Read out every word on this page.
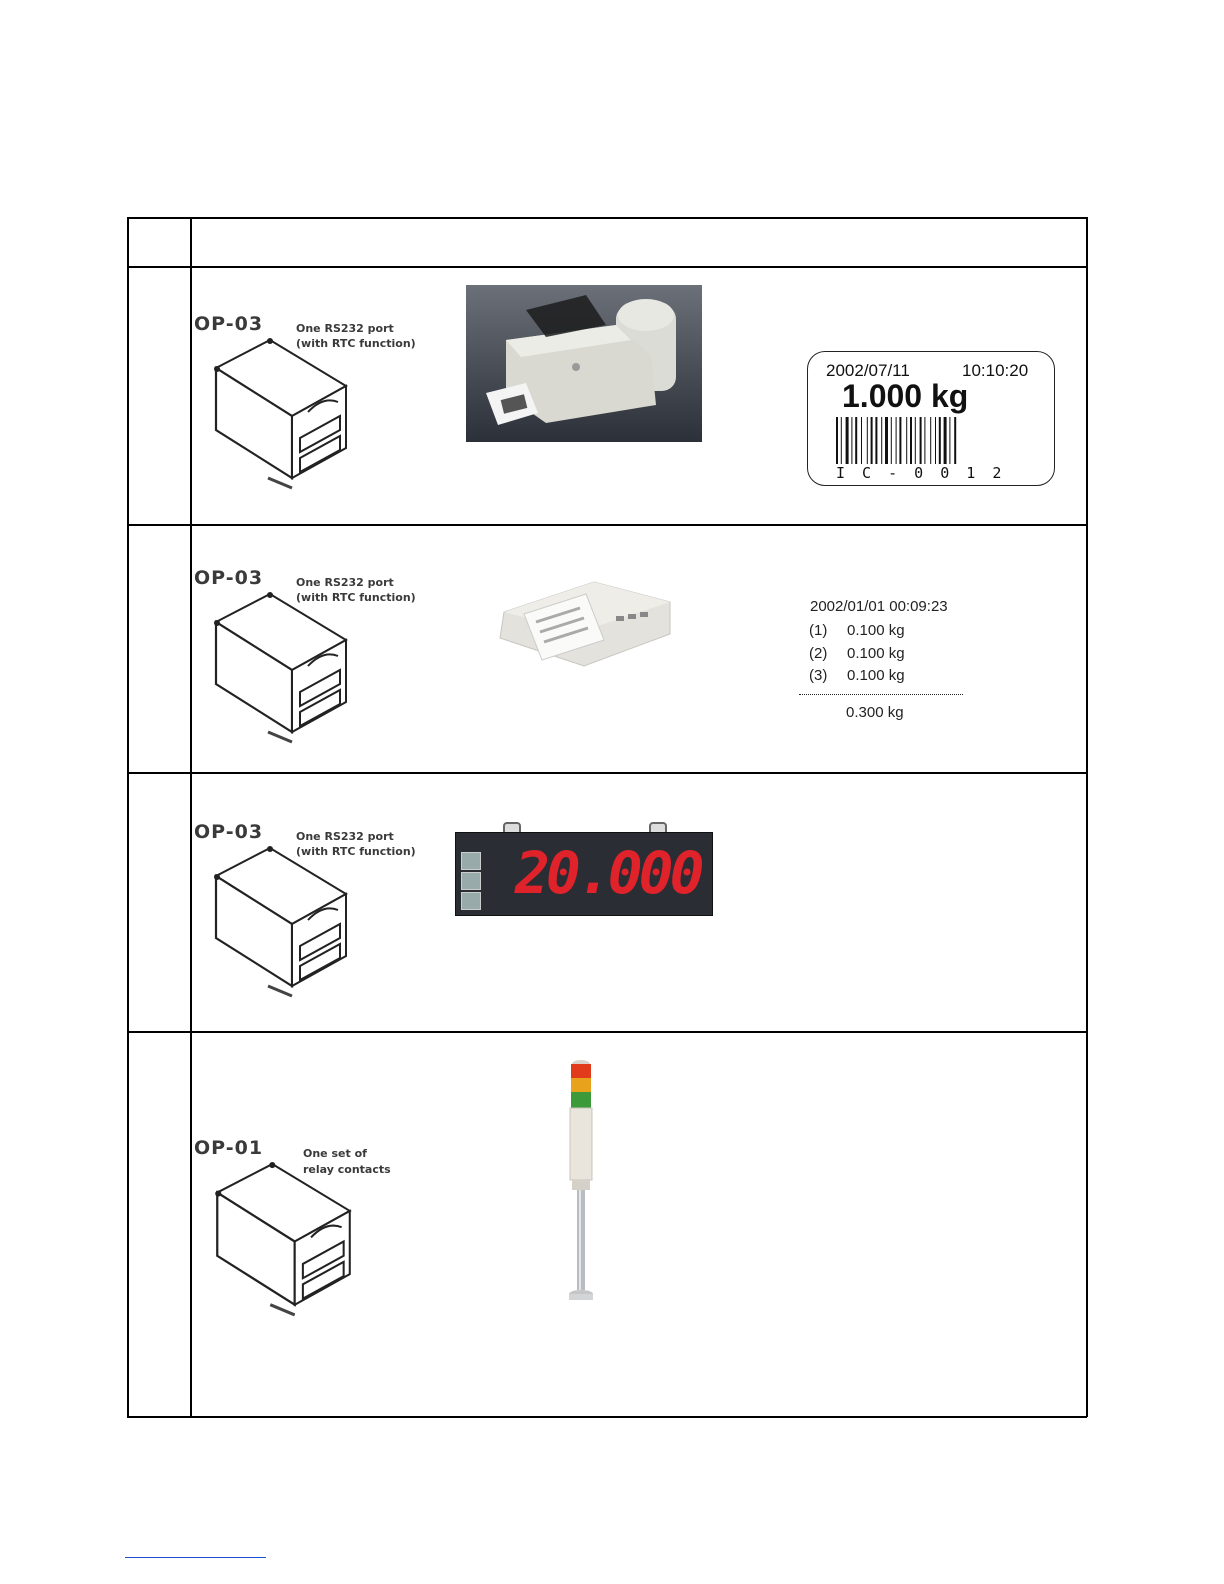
OP-03	One RS232 port
(with RTC function)
2002/07/11	10:10:20
1.000 kg
I C - 0 0 1 2
OP-03	One RS232 port
(with RTC function)
2002/01/01 00:09:23
(1) 0.100 kg
(2) 0.100 kg
(3) 0.100 kg
0.300 kg
OP-03	One RS232 port
(with RTC function) 20.000
OP-01	One set of
relay contacts
